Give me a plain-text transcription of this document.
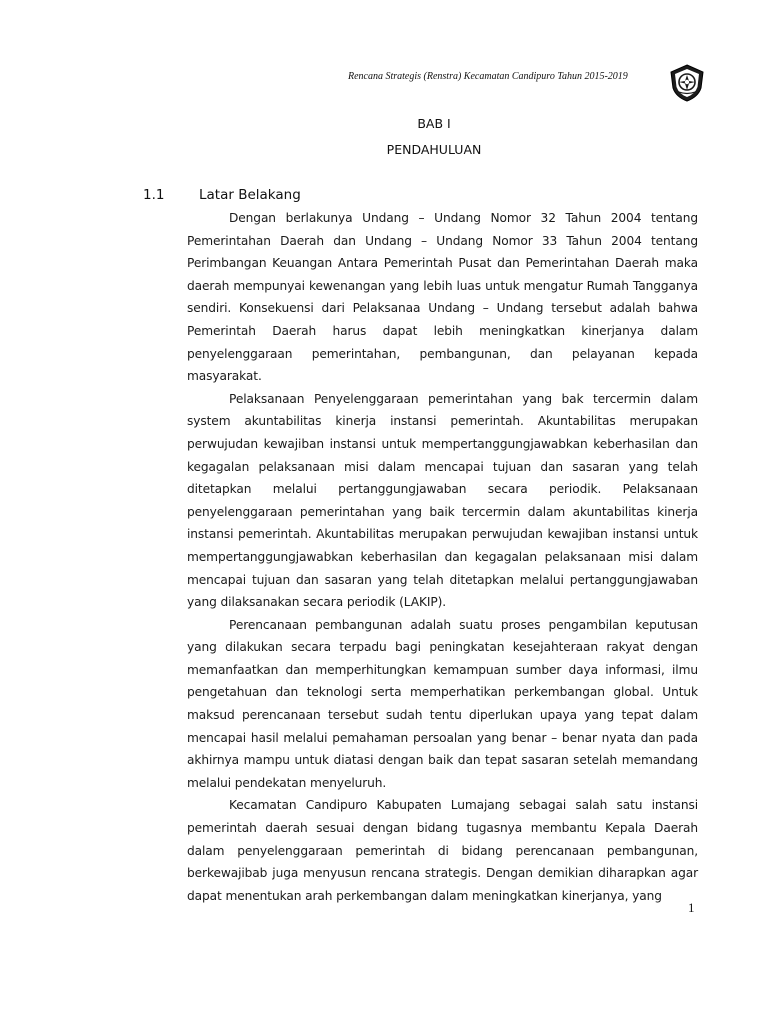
Rencana Strategis (Renstra) Kecamatan Candipuro Tahun 2015-2019
BAB I
PENDAHULUAN
1.1	Latar Belakang

Dengan berlakunya Undang – Undang Nomor 32 Tahun 2004 tentang Pemerintahan Daerah dan Undang – Undang Nomor 33 Tahun 2004 tentang Perimbangan Keuangan Antara Pemerintah Pusat dan Pemerintahan Daerah maka daerah mempunyai kewenangan yang lebih luas untuk mengatur Rumah Tangganya sendiri. Konsekuensi dari Pelaksanaa Undang – Undang tersebut adalah bahwa Pemerintah Daerah harus dapat lebih meningkatkan kinerjanya dalam penyelenggaraan pemerintahan, pembangunan, dan pelayanan kepada masyarakat.

Pelaksanaan Penyelenggaraan pemerintahan yang bak tercermin dalam system akuntabilitas kinerja instansi pemerintah. Akuntabilitas merupakan perwujudan kewajiban instansi untuk mempertanggungjawabkan keberhasilan dan kegagalan pelaksanaan misi dalam mencapai tujuan dan sasaran yang telah ditetapkan melalui pertanggungjawaban secara periodik. Pelaksanaan penyelenggaraan pemerintahan yang baik tercermin dalam akuntabilitas kinerja instansi pemerintah. Akuntabilitas merupakan perwujudan kewajiban instansi untuk mempertanggungjawabkan keberhasilan dan kegagalan pelaksanaan misi dalam mencapai tujuan dan sasaran yang telah ditetapkan melalui pertanggungjawaban yang dilaksanakan secara periodik (LAKIP).

Perencanaan pembangunan adalah suatu proses pengambilan keputusan yang dilakukan secara terpadu bagi peningkatan kesejahteraan rakyat dengan memanfaatkan dan memperhitungkan kemampuan sumber daya informasi, ilmu pengetahuan dan teknologi serta memperhatikan perkembangan global. Untuk maksud perencanaan tersebut sudah tentu diperlukan upaya yang tepat dalam mencapai hasil melalui pemahaman persoalan yang benar – benar nyata dan pada akhirnya mampu untuk diatasi dengan baik dan tepat sasaran setelah memandang melalui pendekatan menyeluruh.

Kecamatan Candipuro Kabupaten Lumajang sebagai salah satu instansi pemerintah daerah sesuai dengan bidang tugasnya membantu Kepala Daerah dalam penyelenggaraan pemerintah di bidang perencanaan pembangunan, berkewajibab juga menyusun rencana strategis. Dengan demikian diharapkan agar dapat menentukan arah perkembangan dalam meningkatkan kinerjanya, yang

1
